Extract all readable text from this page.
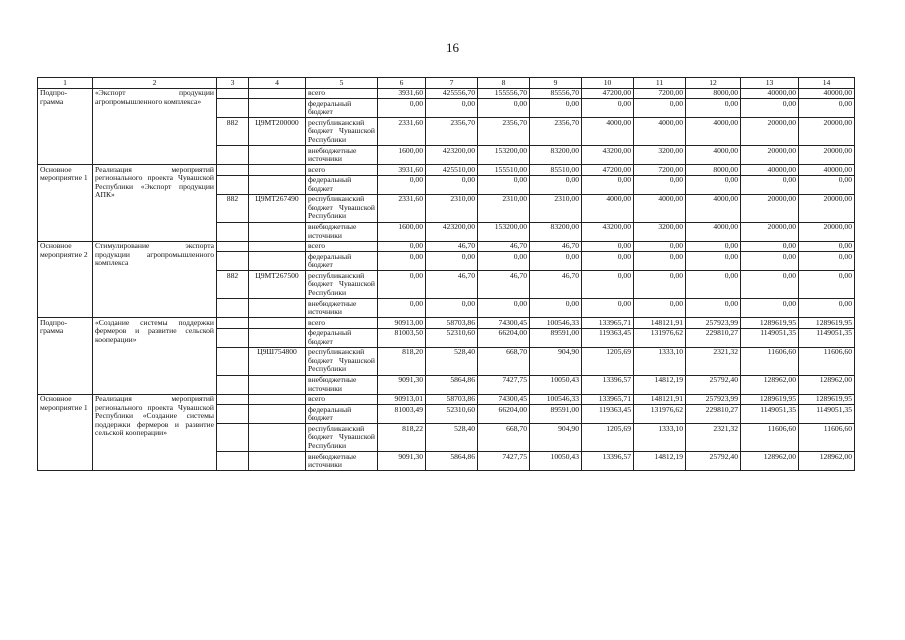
16
1	2	3	4	5	6	7	8	9	10	11	12	13	14
Подпро-грамма	«Экспорт продукции агропромышленного комплекса»			всего	3931,60	425556,70	155556,70	85556,70	47200,00	7200,00	8000,00	40000,00	40000,00
				федеральный бюджет	0,00	0,00	0,00	0,00	0,00	0,00	0,00	0,00	0,00
		882	Ц9МТ200000	республиканский бюджет Чувашской Республики	2331,60	2356,70	2356,70	2356,70	4000,00	4000,00	4000,00	20000,00	20000,00
				внебюджетные источники	1600,00	423200,00	153200,00	83200,00	43200,00	3200,00	4000,00	20000,00	20000,00
Основное мероприятие 1	Реализация мероприятий регионального проекта Чувашской Республики «Экспорт продукции АПК»			всего	3931,60	425510,00	155510,00	85510,00	47200,00	7200,00	8000,00	40000,00	40000,00
				федеральный бюджет	0,00	0,00	0,00	0,00	0,00	0,00	0,00	0,00	0,00
		882	Ц9МТ267490	республиканский бюджет Чувашской Республики	2331,60	2310,00	2310,00	2310,00	4000,00	4000,00	4000,00	20000,00	20000,00
				внебюджетные источники	1600,00	423200,00	153200,00	83200,00	43200,00	3200,00	4000,00	20000,00	20000,00
Основное мероприятие 2	Стимулирование экспорта продукции агропромышленного комплекса			всего	0,00	46,70	46,70	46,70	0,00	0,00	0,00	0,00	0,00
				федеральный бюджет	0,00	0,00	0,00	0,00	0,00	0,00	0,00	0,00	0,00
		882	Ц9МТ267500	республиканский бюджет Чувашской Республики	0,00	46,70	46,70	46,70	0,00	0,00	0,00	0,00	0,00
				внебюджетные источники	0,00	0,00	0,00	0,00	0,00	0,00	0,00	0,00	0,00
Подпро-грамма	«Создание системы поддержки фермеров и развитие сельской кооперации»			всего	90913,00	58703,86	74300,45	100546,33	133965,71	148121,91	257923,99	1289619,95	1289619,95
				федеральный бюджет	81003,50	52310,60	66204,00	89591,00	119363,45	131976,62	229810,27	1149051,35	1149051,35
			Ц9Ш754800	республиканский бюджет Чувашской Республики	818,20	528,40	668,70	904,90	1205,69	1333,10	2321,32	11606,60	11606,60
				внебюджетные источники	9091,30	5864,86	7427,75	10050,43	13396,57	14812,19	25792,40	128962,00	128962,00
Основное мероприятие 1	Реализация мероприятий регионального проекта Чувашской Республики «Создание системы поддержки фермеров и развитие сельской кооперации»			всего	90913,01	58703,86	74300,45	100546,33	133965,71	148121,91	257923,99	1289619,95	1289619,95
				федеральный бюджет	81003,49	52310,60	66204,00	89591,00	119363,45	131976,62	229810,27	1149051,35	1149051,35
				республиканский бюджет Чувашской Республики	818,22	528,40	668,70	904,90	1205,69	1333,10	2321,32	11606,60	11606,60
				внебюджетные источники	9091,30	5864,86	7427,75	10050,43	13396,57	14812,19	25792,40	128962,00	128962,00
